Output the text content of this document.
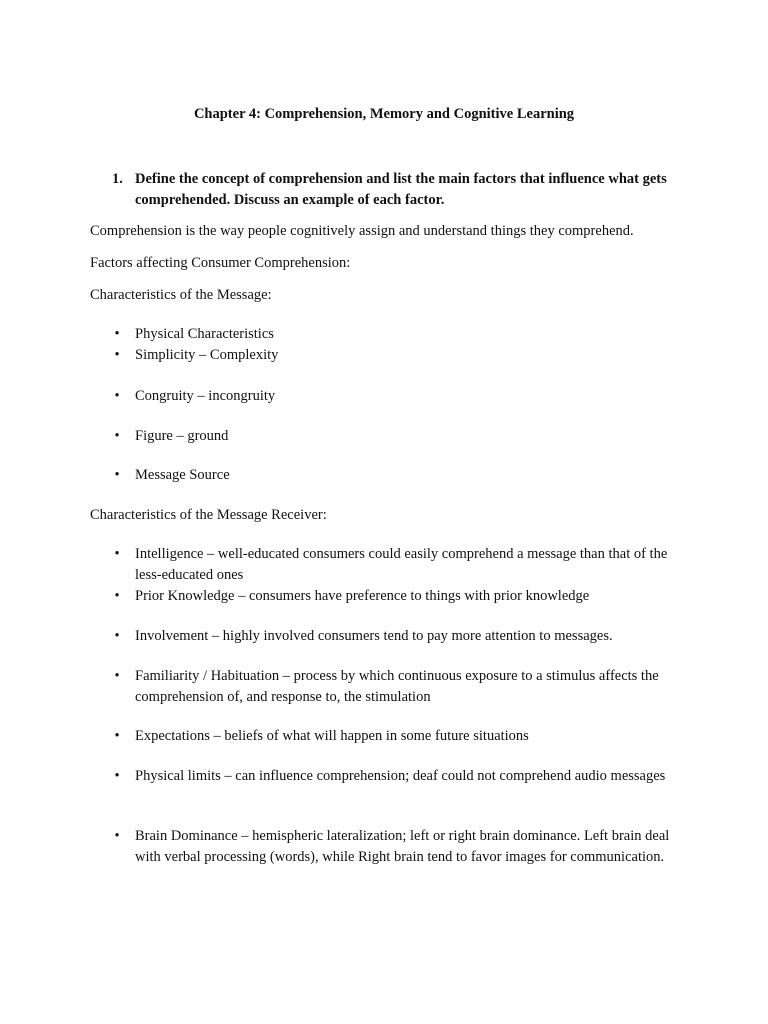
Chapter 4: Comprehension, Memory and Cognitive Learning
1. Define the concept of comprehension and list the main factors that influence what gets comprehended. Discuss an example of each factor.
Comprehension is the way people cognitively assign and understand things they comprehend.
Factors affecting Consumer Comprehension:
Characteristics of the Message:
• Physical Characteristics
• Simplicity – Complexity
• Congruity – incongruity
• Figure – ground
• Message Source
Characteristics of the Message Receiver:
• Intelligence – well-educated consumers could easily comprehend a message than that of the less-educated ones
• Prior Knowledge – consumers have preference to things with prior knowledge
• Involvement – highly involved consumers tend to pay more attention to messages.
• Familiarity / Habituation – process by which continuous exposure to a stimulus affects the comprehension of, and response to, the stimulation
• Expectations – beliefs of what will happen in some future situations
• Physical limits – can influence comprehension; deaf could not comprehend audio messages
• Brain Dominance – hemispheric lateralization; left or right brain dominance. Left brain deal with verbal processing (words), while Right brain tend to favor images for communication.
